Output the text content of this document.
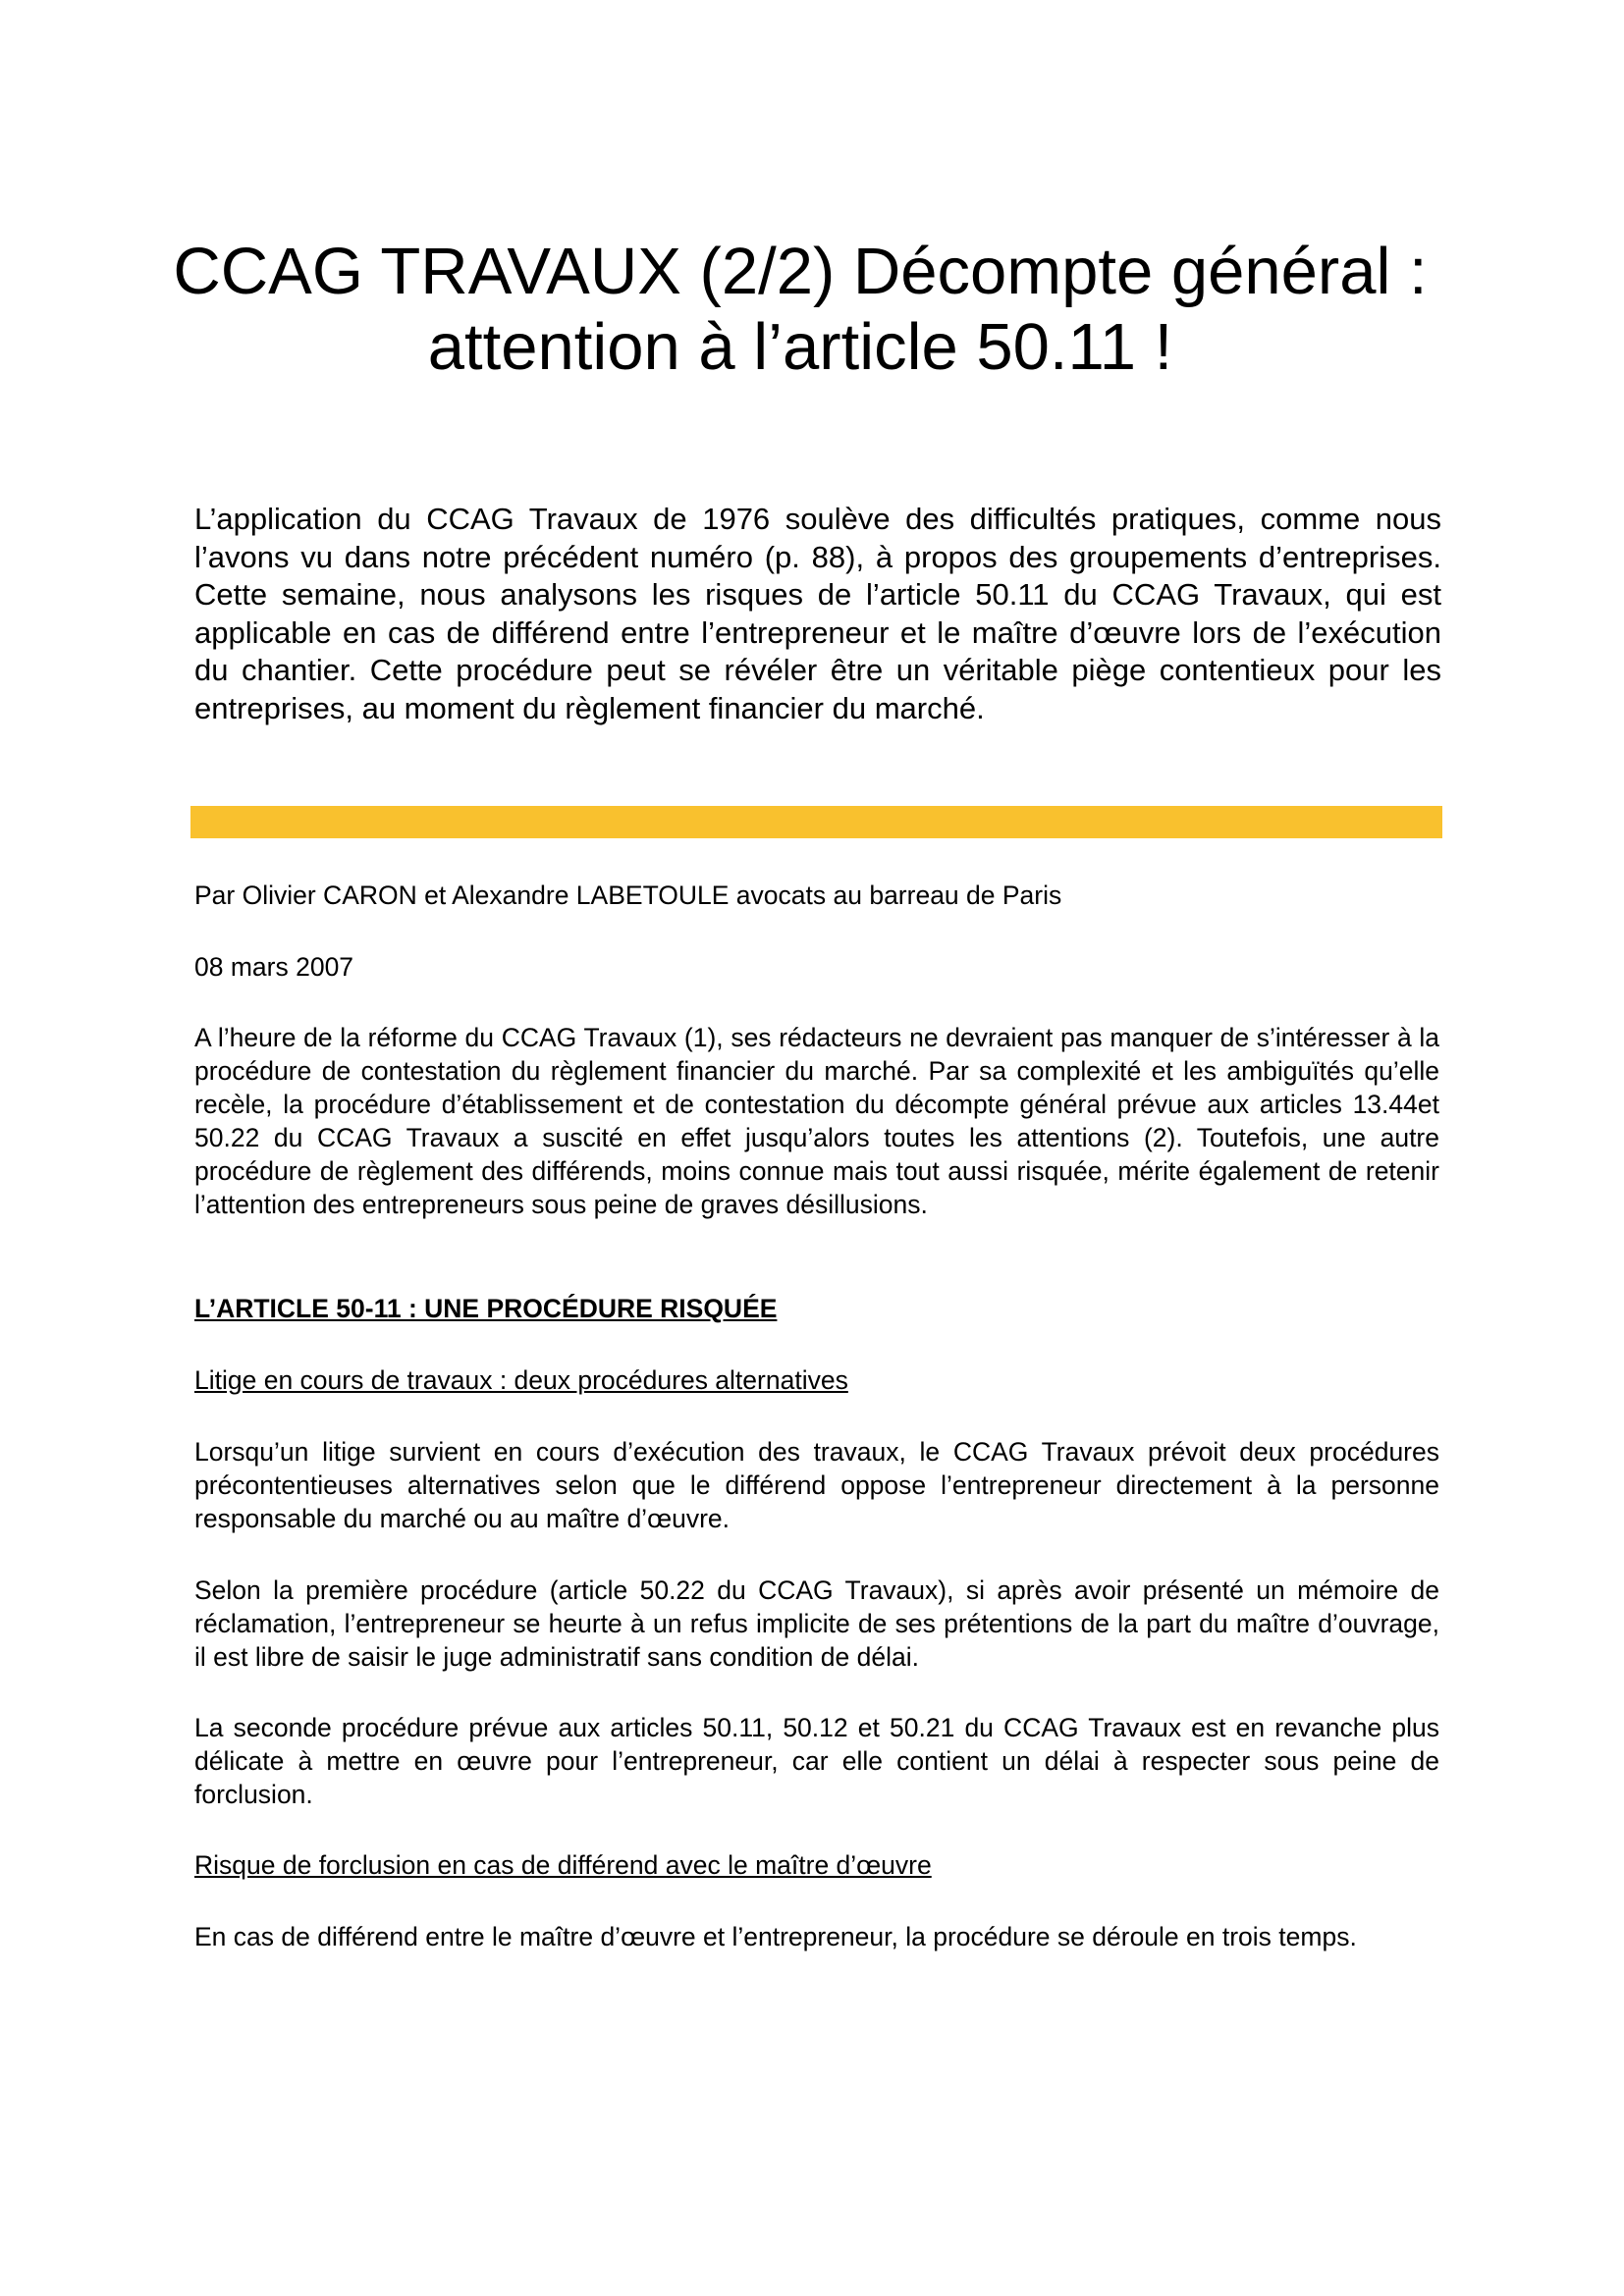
CCAG TRAVAUX (2/2) Décompte général : attention à l’article 50.11 !

L’application du CCAG Travaux de 1976 soulève des difficultés pratiques, comme nous l’avons vu dans notre précédent numéro (p. 88), à propos des groupements d’entreprises. Cette semaine, nous analysons les risques de l’article 50.11 du CCAG Travaux, qui est applicable en cas de différend entre l’entrepreneur et le maître d’œuvre lors de l’exécution du chantier. Cette procédure peut se révéler être un véritable piège contentieux pour les entreprises, au moment du règlement financier du marché.

Par Olivier CARON et Alexandre LABETOULE avocats au barreau de Paris

08 mars 2007

A l’heure de la réforme du CCAG Travaux (1), ses rédacteurs ne devraient pas manquer de s’intéresser à la procédure de contestation du règlement financier du marché. Par sa complexité et les ambiguïtés qu’elle recèle, la procédure d’établissement et de contestation du décompte général prévue aux articles 13.44et 50.22 du CCAG Travaux a suscité en effet jusqu’alors toutes les attentions (2). Toutefois, une autre procédure de règlement des différends, moins connue mais tout aussi risquée, mérite également de retenir l’attention des entrepreneurs sous peine de graves désillusions.

L’ARTICLE 50-11 : UNE PROCÉDURE RISQUÉE

Litige en cours de travaux : deux procédures alternatives

Lorsqu’un litige survient en cours d’exécution des travaux, le CCAG Travaux prévoit deux procédures précontentieuses alternatives selon que le différend oppose l’entrepreneur directement à la personne responsable du marché ou au maître d’œuvre.

Selon la première procédure (article 50.22 du CCAG Travaux), si après avoir présenté un mémoire de réclamation, l’entrepreneur se heurte à un refus implicite de ses prétentions de la part du maître d’ouvrage, il est libre de saisir le juge administratif sans condition de délai.

La seconde procédure prévue aux articles 50.11, 50.12 et 50.21 du CCAG Travaux est en revanche plus délicate à mettre en œuvre pour l’entrepreneur, car elle contient un délai à respecter sous peine de forclusion.

Risque de forclusion en cas de différend avec le maître d’œuvre

En cas de différend entre le maître d’œuvre et l’entrepreneur, la procédure se déroule en trois temps.
